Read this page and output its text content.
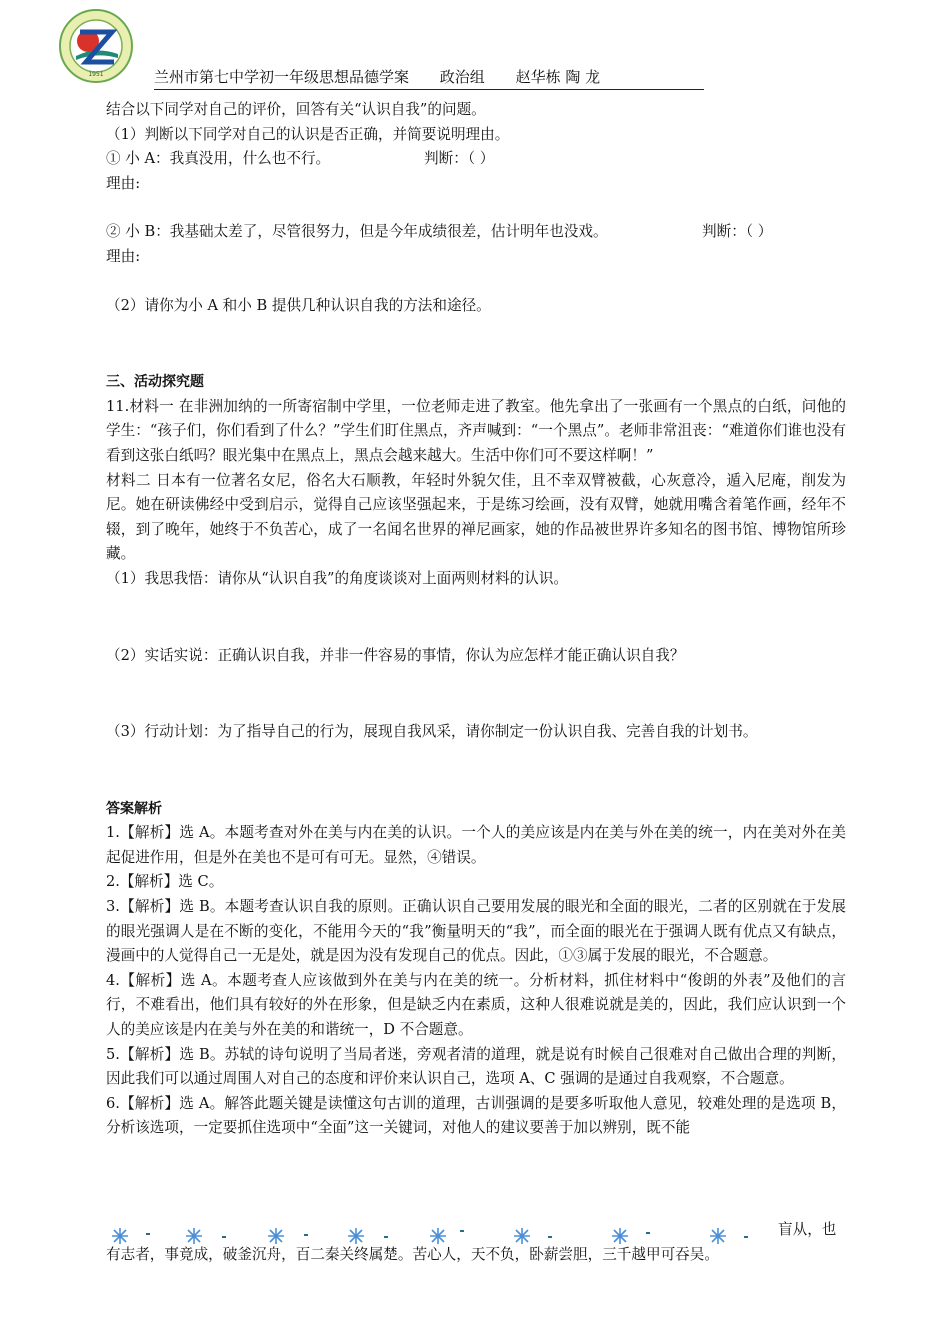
1951	兰州市第七中学初一年级思想品德学案 政治组 赵华栋 陶 龙

结合以下同学对自己的评价，回答有关“认识自我”的问题。

（1）判断以下同学对自己的认识是否正确，并简要说明理由。

① 小 A：我真没用，什么也不行。	判断：（ ）

理由:

② 小 B：我基础太差了，尽管很努力，但是今年成绩很差，估计明年也没戏。	判断：（ ）

理由:

（2）请你为小 A 和小 B 提供几种认识自我的方法和途径。

三、活动探究题

11.材料一 在非洲加纳的一所寄宿制中学里，一位老师走进了教室。他先拿出了一张画有一个黑点的白纸，问他的学生：“孩子们，你们看到了什么？”学生们盯住黑点，齐声喊到：“一个黑点”。老师非常沮丧：“难道你们谁也没有看到这张白纸吗？眼光集中在黑点上，黑点会越来越大。生活中你们可不要这样啊！”

材料二 日本有一位著名女尼，俗名大石顺教，年轻时外貌欠佳，且不幸双臂被截，心灰意冷，遁入尼庵，削发为尼。她在研读佛经中受到启示，觉得自己应该坚强起来，于是练习绘画，没有双臂，她就用嘴含着笔作画，经年不辍，到了晚年，她终于不负苦心，成了一名闻名世界的禅尼画家，她的作品被世界许多知名的图书馆、博物馆所珍藏。

（1）我思我悟：请你从“认识自我”的角度谈谈对上面两则材料的认识。

（2）实话实说：正确认识自我，并非一件容易的事情，你认为应怎样才能正确认识自我？

（3）行动计划：为了指导自己的行为，展现自我风采，请你制定一份认识自我、完善自我的计划书。

答案解析

1.【解析】选 A。本题考查对外在美与内在美的认识。一个人的美应该是内在美与外在美的统一，内在美对外在美起促进作用，但是外在美也不是可有可无。显然，④错误。

2.【解析】选 C。

3.【解析】选 B。本题考查认识自我的原则。正确认识自己要用发展的眼光和全面的眼光，二者的区别就在于发展的眼光强调人是在不断的变化，不能用今天的“我”衡量明天的“我”，而全面的眼光在于强调人既有优点又有缺点，漫画中的人觉得自己一无是处，就是因为没有发现自己的优点。因此，①③属于发展的眼光，不合题意。

4.【解析】选 A。本题考查人应该做到外在美与内在美的统一。分析材料，抓住材料中“俊朗的外表”及他们的言行，不难看出，他们具有较好的外在形象，但是缺乏内在素质，这种人很难说就是美的，因此，我们应认识到一个人的美应该是内在美与外在美的和谐统一，D 不合题意。

5.【解析】选 B。苏轼的诗句说明了当局者迷，旁观者清的道理，就是说有时候自己很难对自己做出合理的判断，因此我们可以通过周围人对自己的态度和评价来认识自己，选项 A、C 强调的是通过自我观察，不合题意。

6.【解析】选 A。解答此题关键是读懂这句古训的道理，古训强调的是要多听取他人意见，较难处理的是选项 B，分析该选项，一定要抓住选项中“全面”这一关键词，对他人的建议要善于加以辨别，既不能

盲从，也
有志者，事竟成，破釜沉舟，百二秦关终属楚。苦心人，天不负，卧薪尝胆，三千越甲可吞吴。
